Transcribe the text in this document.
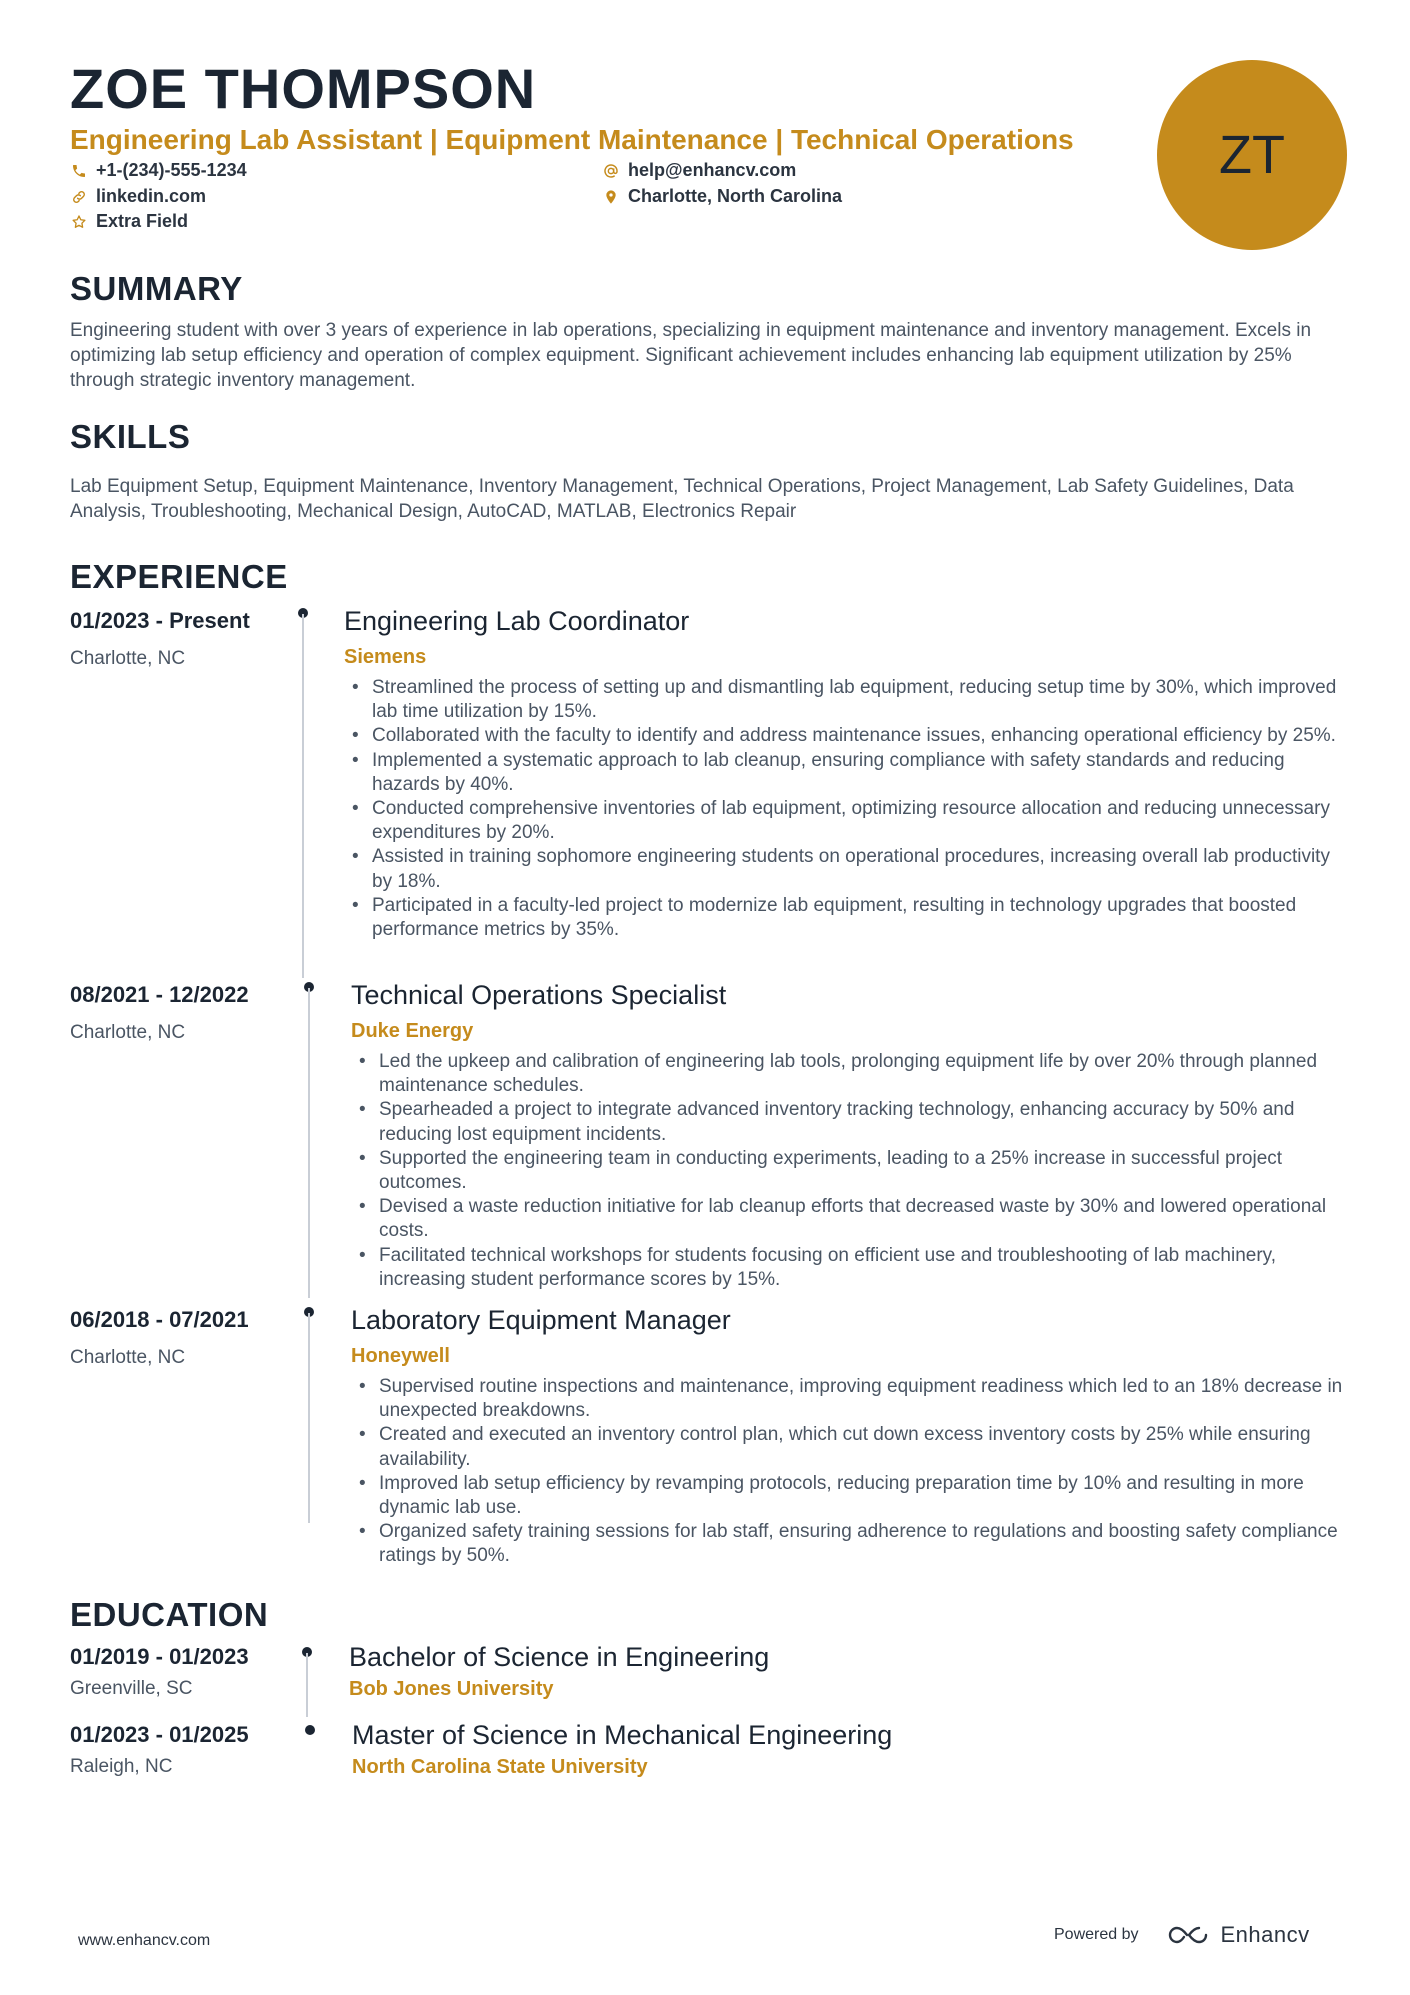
ZOE THOMPSON
Engineering Lab Assistant | Equipment Maintenance | Technical Operations
+1-(234)-555-1234	help@enhancv.com
linkedin.com	Charlotte, North Carolina
Extra Field
ZT
SUMMARY
Engineering student with over 3 years of experience in lab operations, specializing in equipment maintenance and inventory management. Excels in optimizing lab setup efficiency and operation of complex equipment. Significant achievement includes enhancing lab equipment utilization by 25% through strategic inventory management.
SKILLS
Lab Equipment Setup, Equipment Maintenance, Inventory Management, Technical Operations, Project Management, Lab Safety Guidelines, Data Analysis, Troubleshooting, Mechanical Design, AutoCAD, MATLAB, Electronics Repair
EXPERIENCE
01/2023 - Present
Charlotte, NC
Engineering Lab Coordinator
Siemens
• Streamlined the process of setting up and dismantling lab equipment, reducing setup time by 30%, which improved lab time utilization by 15%.
• Collaborated with the faculty to identify and address maintenance issues, enhancing operational efficiency by 25%.
• Implemented a systematic approach to lab cleanup, ensuring compliance with safety standards and reducing hazards by 40%.
• Conducted comprehensive inventories of lab equipment, optimizing resource allocation and reducing unnecessary expenditures by 20%.
• Assisted in training sophomore engineering students on operational procedures, increasing overall lab productivity by 18%.
• Participated in a faculty-led project to modernize lab equipment, resulting in technology upgrades that boosted performance metrics by 35%.
08/2021 - 12/2022
Charlotte, NC
Technical Operations Specialist
Duke Energy
• Led the upkeep and calibration of engineering lab tools, prolonging equipment life by over 20% through planned maintenance schedules.
• Spearheaded a project to integrate advanced inventory tracking technology, enhancing accuracy by 50% and reducing lost equipment incidents.
• Supported the engineering team in conducting experiments, leading to a 25% increase in successful project outcomes.
• Devised a waste reduction initiative for lab cleanup efforts that decreased waste by 30% and lowered operational costs.
• Facilitated technical workshops for students focusing on efficient use and troubleshooting of lab machinery, increasing student performance scores by 15%.
06/2018 - 07/2021
Charlotte, NC
Laboratory Equipment Manager
Honeywell
• Supervised routine inspections and maintenance, improving equipment readiness which led to an 18% decrease in unexpected breakdowns.
• Created and executed an inventory control plan, which cut down excess inventory costs by 25% while ensuring availability.
• Improved lab setup efficiency by revamping protocols, reducing preparation time by 10% and resulting in more dynamic lab use.
• Organized safety training sessions for lab staff, ensuring adherence to regulations and boosting safety compliance ratings by 50%.
EDUCATION
01/2019 - 01/2023
Greenville, SC
Bachelor of Science in Engineering
Bob Jones University
01/2023 - 01/2025
Raleigh, NC
Master of Science in Mechanical Engineering
North Carolina State University
www.enhancv.com	Powered by	Enhancv
